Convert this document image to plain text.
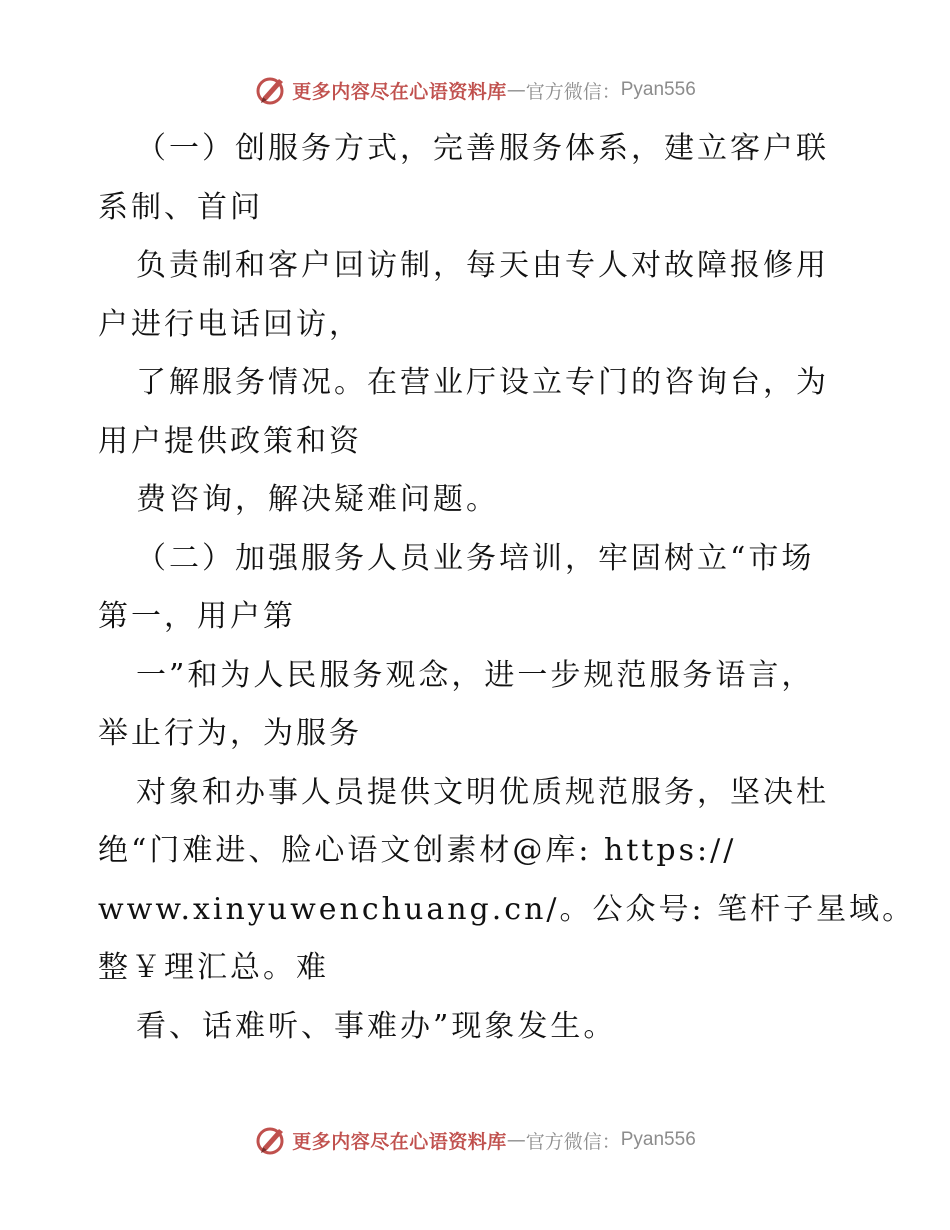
更多内容尽在心语资料库 — 官方微信： Pyan556
（一）创服务方式，完善服务体系，建立客户联
系制、首问
负责制和客户回访制，每天由专人对故障报修用
户进行电话回访，
了解服务情况。在营业厅设立专门的咨询台，为
用户提供政策和资
费咨询，解决疑难问题。
（二）加强服务人员业务培训，牢固树立“市场
第一，用户第
一”和为人民服务观念，进一步规范服务语言，
举止行为，为服务
对象和办事人员提供文明优质规范服务，坚决杜
绝“门难进、脸心语文创素材@库: https://
www.xinyuwenchuang.cn/。公众号: 笔杆子星域。
整￥理汇总。难
看、话难听、事难办”现象发生。
更多内容尽在心语资料库 — 官方微信： Pyan556
